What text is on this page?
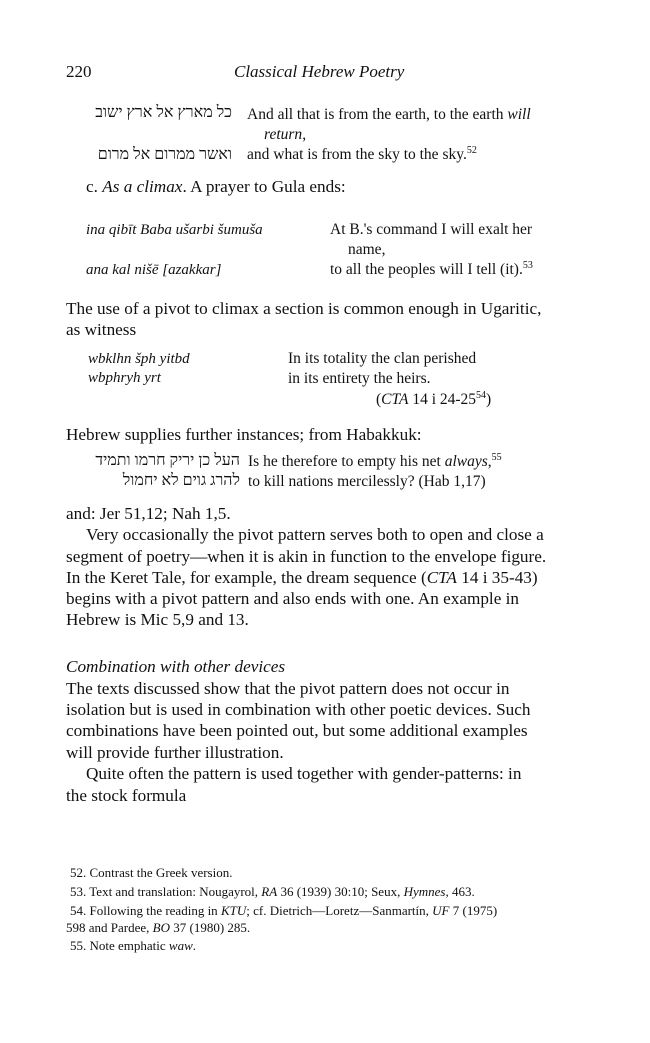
220	Classical Hebrew Poetry
כל מארץ אל ארץ ישוב And all that is from the earth, to the earth will
return,
ואשר ממרום אל מרום and what is from the sky to the sky.$^{52}$
c. As a climax. A prayer to Gula ends:
ina qibīt Baba ušarbi šumuša	At B.'s command I will exalt her
name,
ana kal nišē [azakkar]	to all the peoples will I tell (it).$^{53}$
The use of a pivot to climax a section is common enough in Ugaritic,
as witness
wbklhn šph yitbd	In its totality the clan perished
wbphryh yrt	in its entirety the heirs.
(CTA 14 i $24-25^{54}$)
Hebrew supplies further instances; from Habakkuk:
העל כן יריק חרמו ותמיד Is he therefore to empty his net always,$^{55}$
להרג גוים לא יחמול to kill nations mercilessly? (Hab 1,17)
and: Jer 51,12; Nah 1,5.
Very occasionally the pivot pattern serves both to open and close a
segment of poetry—when it is akin in function to the envelope figure.
In the Keret Tale, for example, the dream sequence (CTA 14 i 35-43)
begins with a pivot pattern and also ends with one. An example in
Hebrew is Mic 5,9 and 13.
Combination with other devices
The texts discussed show that the pivot pattern does not occur in
isolation but is used in combination with other poetic devices. Such
combinations have been pointed out, but some additional examples
will provide further illustration.
Quite often the pattern is used together with gender-patterns: in
the stock formula
52. Contrast the Greek version.
53. Text and translation: Nougayrol, RA 36 (1939) 30:10; Seux, Hymnes, 463.
54. Following the reading in KTU; cf. Dietrich—Loretz—Sanmartín, UF 7 (1975)
598 and Pardee, BO 37 (1980) 285.
55. Note emphatic waw.
